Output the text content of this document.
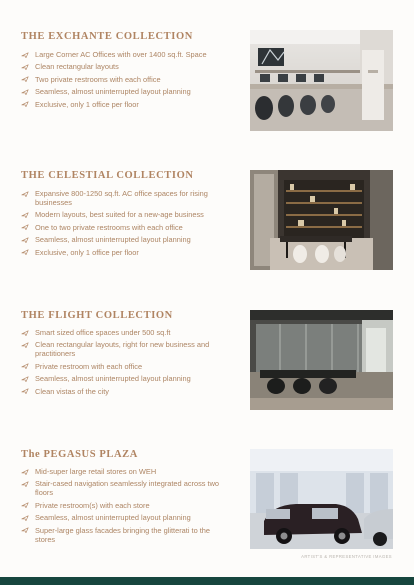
THE EXCHANTE COLLECTION
Large Corner AC Offices with over 1400 sq.ft. Space
Clean rectangular layouts
Two private restrooms with each office
Seamless, almost uninterrupted layout planning
Exclusive, only 1 office per floor
THE CELESTIAL COLLECTION
Expansive 800-1250 sq.ft. AC office spaces for rising businesses
Modern layouts, best suited for a new-age business
One to two private restrooms with each office
Seamless, almost uninterrupted layout planning
Exclusive, only 1 office per floor
THE FLIGHT COLLECTION
Smart sized office spaces under 500 sq.ft
Clean rectangular layouts, right for new business and practitioners
Private restroom with each office
Seamless, almost uninterrupted layout planning
Clean vistas of the city
The PEGASUS PLAZA
Mid-super large retail stores on WEH
Stair-cased navigation seamlessly integrated across two floors
Private restroom(s) with each store
Seamless, almost uninterrupted layout planning
Super-large glass facades bringing the glitterati to the stores
ARTIST'S & REPRESENTATIVE IMAGES
